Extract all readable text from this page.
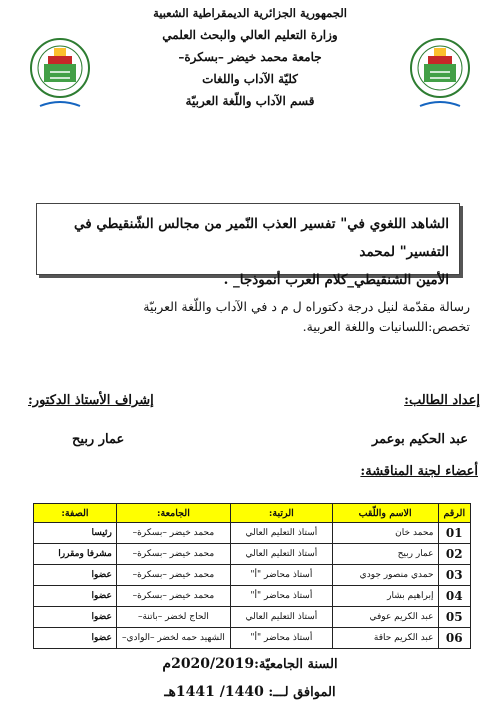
الجمهورية الجزائرية الديمقراطية الشعبية
وزارة التعليم العالي والبحث العلمي
جامعة محمد خيضر –بسكرة–
كليّة الآداب واللغات
قسم الآداب واللّغة العربيّة
الشاهد اللغوي في" تفسير العذب النّمير من مجالس الشّنقيطي في التفسير" لمحمد
الأمين الشنقيطي_كلام العرب أنموذجا_ .
رسالة مقدّمة لنيل درجة دكتوراه ل م د في الآداب واللّغة العربيّة
تخصص:اللسانيات واللغة العربية.
إعداد الطالب:
عبد الحكيم بوعمر
إشراف الأستاذ الدكتور:
عمار ربيح
أعضاء لجنة المناقشة:
الرقم	الاسم واللّقب	الرتبة:	الجامعة:	الصفة:
01	محمد خان	أستاذ التعليم العالي	محمد خيضر –بسكرة–	رئيسا
02	عمار ربيح	أستاذ التعليم العالي	محمد خيضر –بسكرة–	مشرفا ومقررا
03	حمدي منصور جودي	أستاذ محاضر "أ"	محمد خيضر –بسكرة–	عضوا
04	إبراهيم بشار	أستاذ محاضر "أ"	محمد خيضر –بسكرة–	عضوا
05	عبد الكريم عوفي	أستاذ التعليم العالي	الحاج لخضر –باتنة–	عضوا
06	عبد الكريم حاقة	أستاذ محاضر "أ"	الشهيد حمه لخضر –الوادي–	عضوا
السنة الجامعيّة:2020/2019م
الموافق لـــ: 1440/ 1441هـ
